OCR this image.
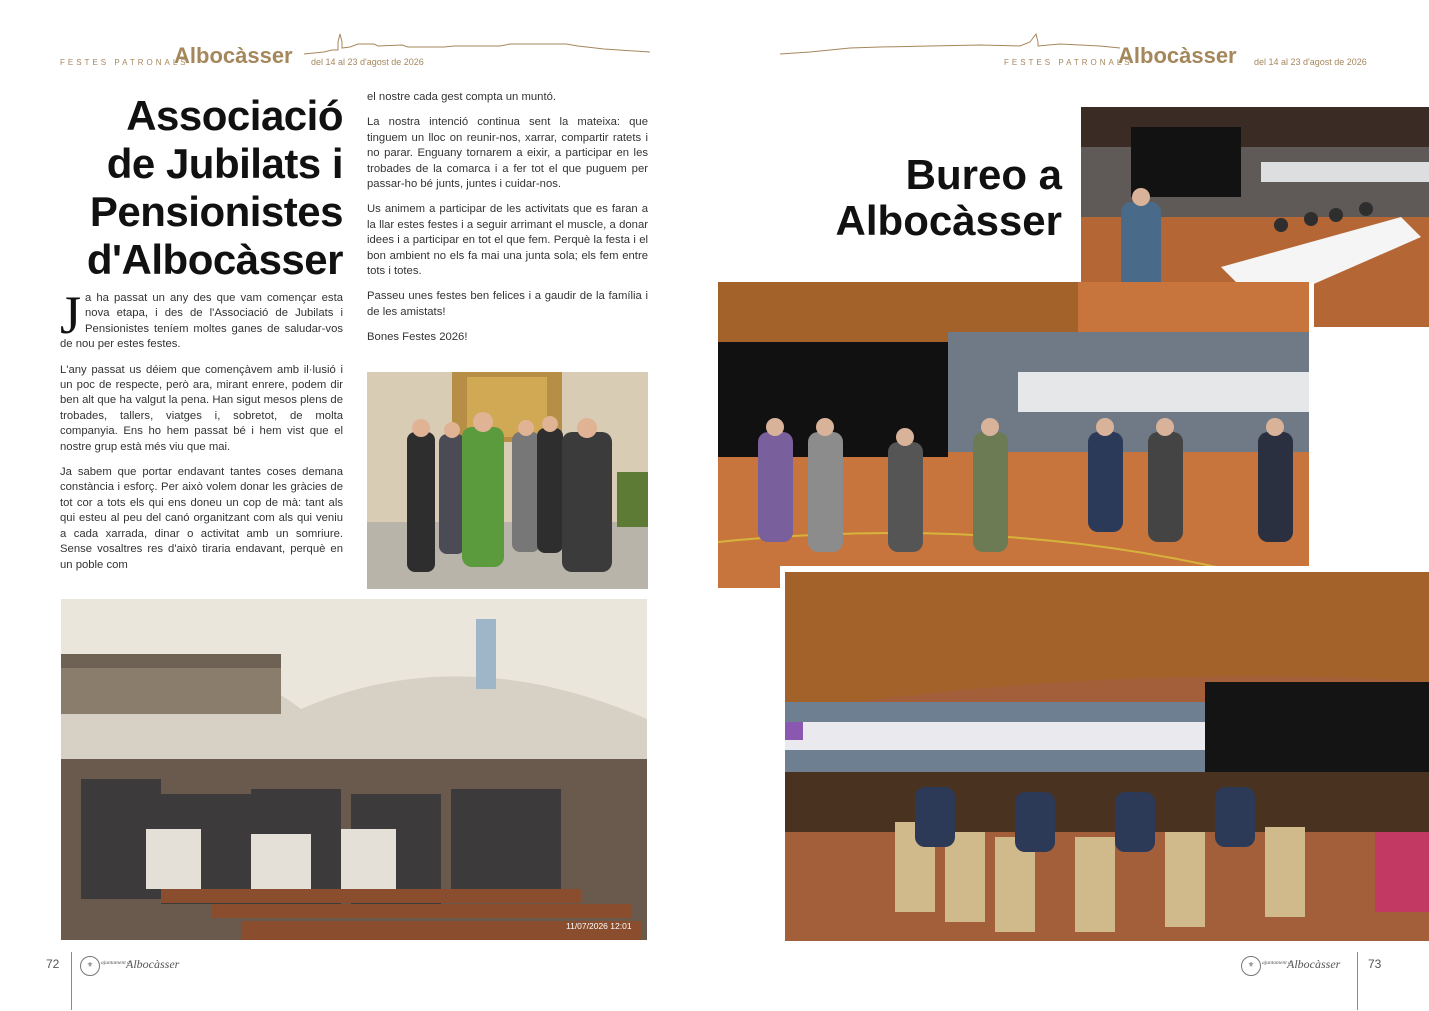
FESTES PATRONALS
Albocàsser del 14 al 23 d'agost de 2026	FESTES PATRONALS
Albocàsser del 14 al 23 d'agost de 2026
Associació
de Jubilats i
Pensionistes
d'Albocàsser

Ja ha passat un any des que vam començar esta nova etapa, i des de l'Associació de Jubilats i Pensionistes teníem moltes ganes de saludar-vos de nou per estes festes.

L'any passat us déiem que començàvem amb il·lusió i un poc de respecte, però ara, mirant enrere, podem dir ben alt que ha valgut la pena. Han sigut mesos plens de trobades, tallers, viatges i, sobretot, de molta companyia. Ens ho hem passat bé i hem vist que el nostre grup està més viu que mai.

Ja sabem que portar endavant tantes coses demana constància i esforç. Per això volem donar les gràcies de tot cor a tots els qui ens doneu un cop de mà: tant als qui esteu al peu del canó organitzant com als qui veniu a cada xarrada, dinar o activitat amb un somriure. Sense vosaltres res d'això tiraria endavant, perquè en un poble com

el nostre cada gest compta un muntó.

La nostra intenció continua sent la mateixa: que tinguem un lloc on reunir-nos, xarrar, compartir ratets i no parar. Enguany tornarem a eixir, a participar en les trobades de la comarca i a fer tot el que puguem per passar-ho bé junts, juntes i cuidar-nos.

Us animem a participar de les activitats que es faran a la llar estes festes i a seguir arrimant el muscle, a donar idees i a participar en tot el que fem. Perquè la festa i el bon ambient no els fa mai una junta sola; els fem entre tots i totes.

Passeu unes festes ben felices i a gaudir de la família i de les amistats!

Bones Festes 2026!

11/07/2026 12:01
Bureo a
Albocàsser
72	⚜	ajuntament d'
Albocàsser	⚜	ajuntament d'
Albocàsser 73
